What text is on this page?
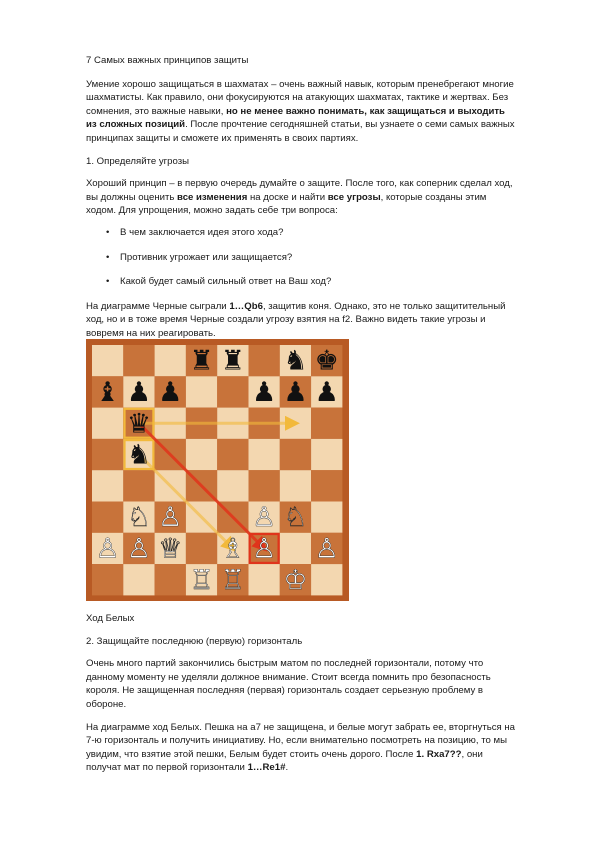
7 Самых важных принципов защиты

Умение хорошо защищаться в шахматах – очень важный навык, которым пренебрегают многие шахматисты. Как правило, они фокусируются на атакующих шахматах, тактике и жертвах. Без сомнения, это важные навыки, но не менее важно понимать, как защищаться и выходить из сложных позиций. После прочтение сегодняшней статьи, вы узнаете о семи самых важных принципах защиты и сможете их применять в своих партиях.

1. Определяйте угрозы

Хороший принцип – в первую очередь думайте о защите. После того, как соперник сделал ход, вы должны оценить все изменения на доске и найти все угрозы, которые созданы этим ходом. Для упрощения, можно задать себе три вопроса:

• В чем заключается идея этого хода?
• Противник угрожает или защищается?
• Какой будет самый сильный ответ на Ваш ход?

На диаграмме Черные сыграли 1…Qb6, защитив коня. Однако, это не только защитительный ход, но и в тоже время Черные создали угрозу взятия на f2. Важно видеть такие угрозы и вовремя на них реагировать.

♜ ♜ ♞ ♚
♝ ♟ ♟	♟ ♟ ♟
♛
♞
♘ ♙	♙ ♘
♙ ♙ ♕ ♗ ♙ ♙
♖ ♖ ♔

Ход Белых

2. Защищайте последнюю (первую) горизонталь

Очень много партий закончились быстрым матом по последней горизонтали, потому что данному моменту не уделяли должное внимание. Стоит всегда помнить про безопасность короля. Не защищенная последняя (первая) горизонталь создает серьезную проблему в обороне.

На диаграмме ход Белых. Пешка на a7 не защищена, и белые могут забрать ее, вторгнуться на 7-ю горизонталь и получить инициативу. Но, если внимательно посмотреть на позицию, то мы увидим, что взятие этой пешки, Белым будет стоить очень дорого. После 1. Rxa7??, они получат мат по первой горизонтали 1…Re1#.
